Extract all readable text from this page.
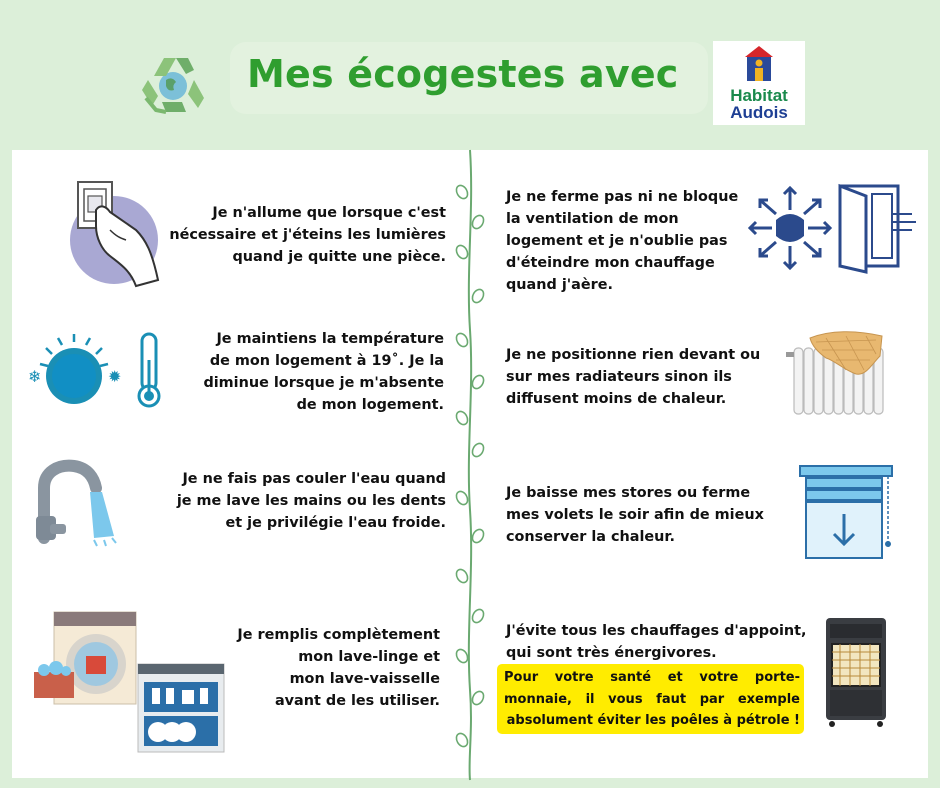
Mes écogestes avec	Habitat
Audois
Je n'allume que lorsque c'est
nécessaire et j'éteins les lumières
quand je quitte une pièce.
❄	✹
Je maintiens la température
de mon logement à 19˚. Je la
diminue lorsque je m'absente
de mon logement.
Je ne fais pas couler l'eau quand
je me lave les mains ou les dents
et je privilégie l'eau froide.
Je remplis complètement
mon lave-linge et
mon lave-vaisselle
avant de les utiliser.
Je ne ferme pas ni ne bloque
la ventilation de mon
logement et je n'oublie pas
d'éteindre mon chauffage
quand j'aère.
Je ne positionne rien devant ou
sur mes radiateurs sinon ils
diffusent moins de chaleur.
Je baisse mes stores ou ferme
mes volets le soir afin de mieux
conserver la chaleur.
J'évite tous les chauffages d'appoint,
qui sont très énergivores.
Pour votre santé et votre porte-monnaie, il vous faut par exemple absolument éviter les poêles à pétrole !
